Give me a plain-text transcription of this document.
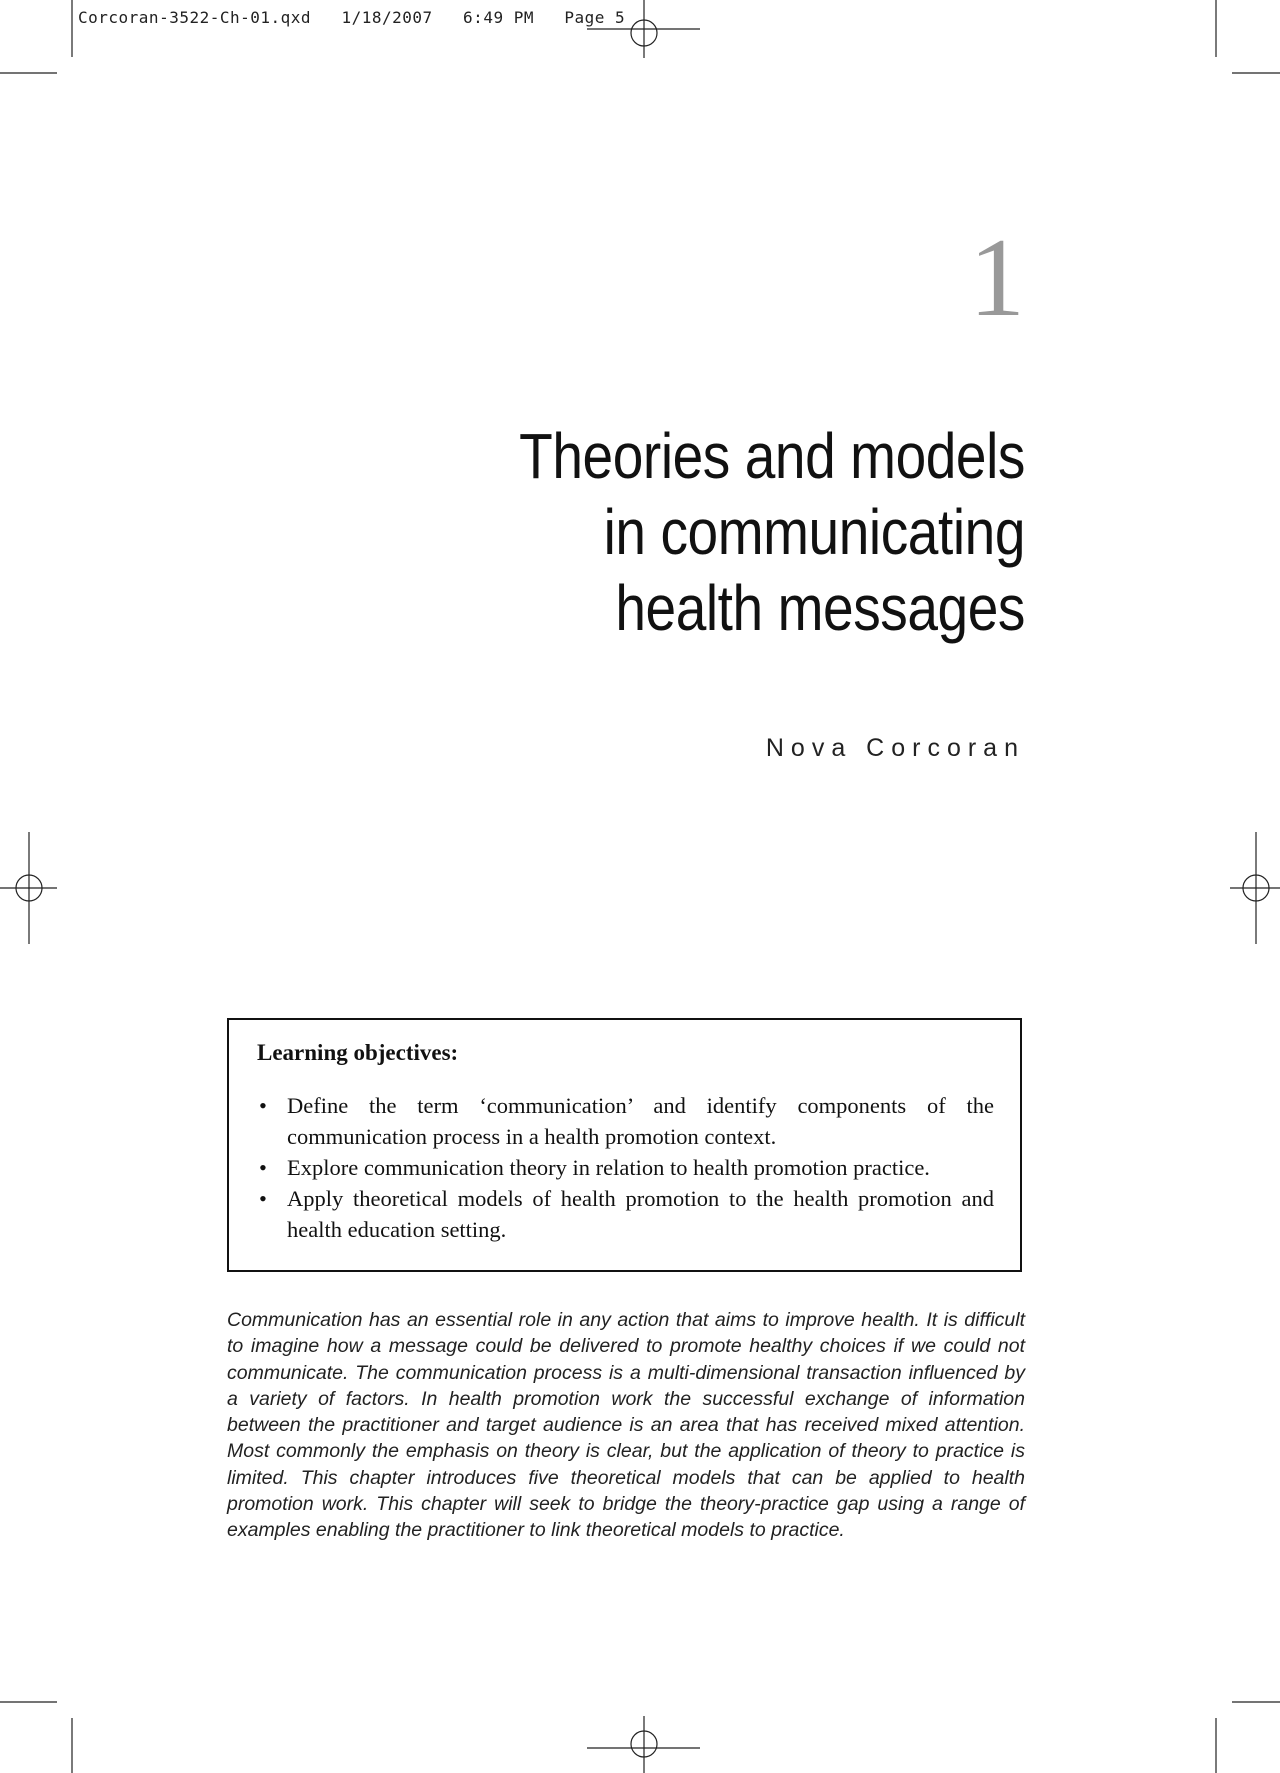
Corcoran-3522-Ch-01.qxd   1/18/2007   6:49 PM   Page 5
1
Theories and models
in communicating
health messages
Nova Corcoran
Learning objectives:
• Define the term ‘communication’ and identify components of the communication process in a health promotion context.
• Explore communication theory in relation to health promotion practice.
• Apply theoretical models of health promotion to the health promotion and health education setting.

Communication has an essential role in any action that aims to improve health. It is difficult to imagine how a message could be delivered to promote healthy choices if we could not communicate. The communication process is a multi-dimensional transaction influenced by a variety of factors. In health promotion work the successful exchange of information between the practitioner and target audience is an area that has received mixed attention. Most commonly the emphasis on theory is clear, but the application of theory to practice is limited. This chapter introduces five theoretical models that can be applied to health promotion work. This chapter will seek to bridge the theory-practice gap using a range of examples enabling the practitioner to link theoretical models to practice.
